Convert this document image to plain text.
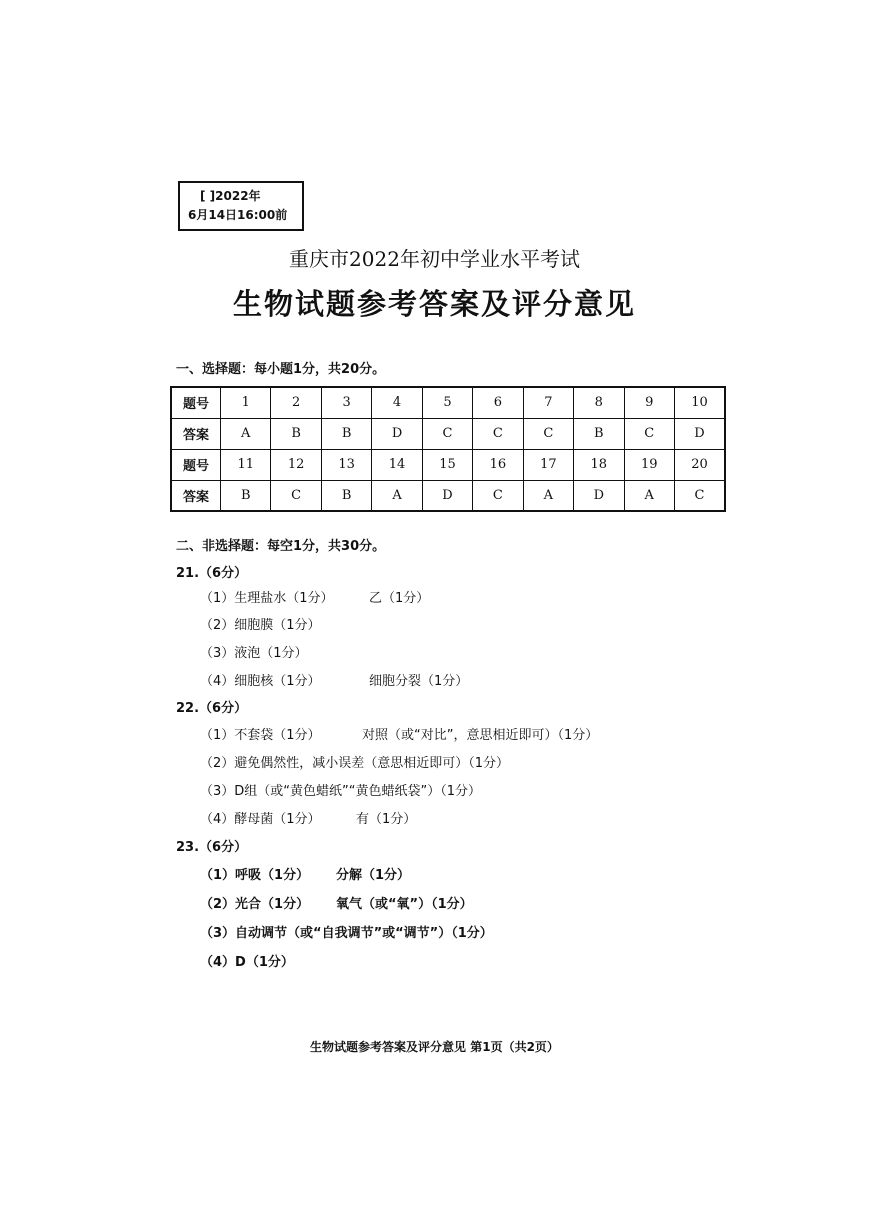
[ ]2022年
6月14日16:00前
重庆市2022年初中学业水平考试
生物试题参考答案及评分意见
一、选择题：每小题1分，共20分。
题号	1	2	3	4	5	6	7	8	9	10
答案	A	B	B	D	C	C	C	B	C	D
题号	11	12	13	14	15	16	17	18	19	20
答案	B	C	B	A	D	C	A	D	A	C
二、非选择题：每空1分，共30分。
21.（6分）
（1）生理盐水（1分）	乙（1分）
（2）细胞膜（1分）
（3）液泡（1分）
（4）细胞核（1分）	细胞分裂（1分）
22.（6分）
（1）不套袋（1分）	对照（或“对比”，意思相近即可）（1分）
（2）避免偶然性，减小误差（意思相近即可）（1分）
（3）D组（或“黄色蜡纸”“黄色蜡纸袋”）（1分）
（4）酵母菌（1分）	有（1分）
23.（6分）
（1）呼吸（1分） 分解（1分）
（2）光合（1分） 氧气（或“氧”）（1分）
（3）自动调节（或“自我调节”或“调节”）（1分）
（4）D（1分）
生物试题参考答案及评分意见 第1页（共2页）
